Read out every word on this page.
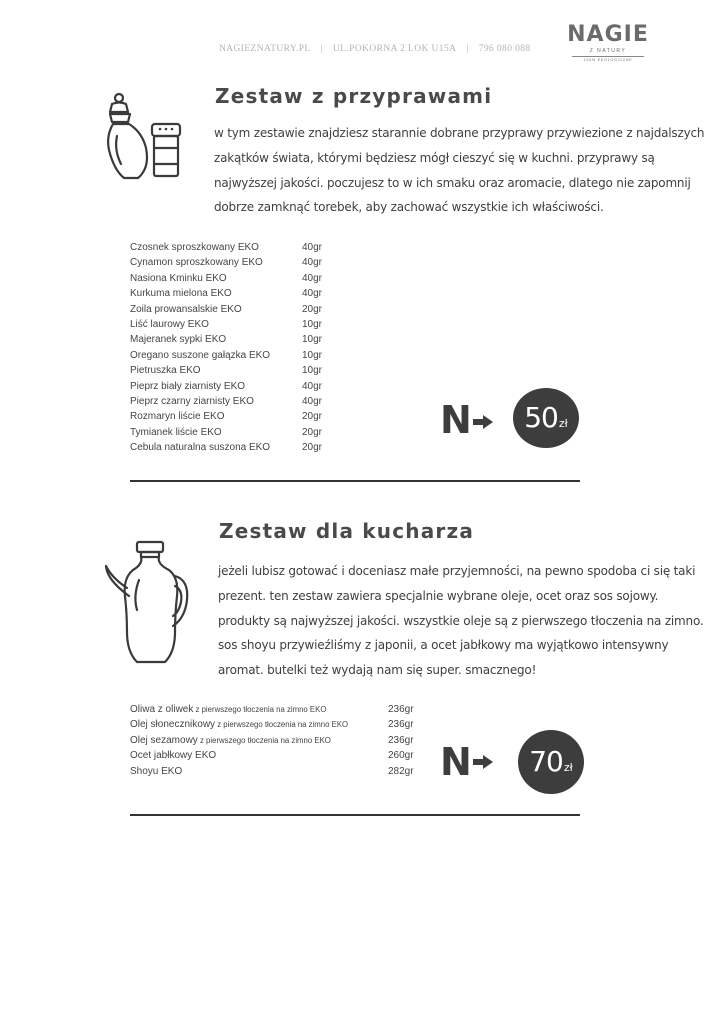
NAGIEZNATURY.PL | UL.POKORNA 2 LOK U15A | 796 080 088
NAGIE
Z NATURY
100% EKOLOGICZNE
Zestaw z przyprawami

w tym zestawie znajdziesz starannie dobrane przyprawy przywiezione z najdalszych

zakątków świata, którymi będziesz mógł cieszyć się w kuchni. przyprawy są

najwyższej jakości. poczujesz to w ich smaku oraz aromacie, dlatego nie zapomnij

dobrze zamknąć torebek, aby zachować wszystkie ich właściwości.

Czosnek sproszkowany EKO	40gr
Cynamon sproszkowany EKO	40gr
Nasiona Kminku EKO	40gr
Kurkuma mielona EKO	40gr
Zoila prowansalskie EKO	20gr
Liść laurowy EKO	10gr
Majeranek sypki EKO	10gr
Oregano suszone gałązka EKO	10gr
Pietruszka EKO	10gr
Pieprz biały ziarnisty EKO	40gr
Pieprz czarny ziarnisty EKO	40gr
Rozmaryn liście EKO	20gr
Tymianek liście EKO	20gr
Cebula naturalna suszona EKO	20gr
N	50zł
Zestaw dla kucharza

jeżeli lubisz gotować i doceniasz małe przyjemności, na pewno spodoba ci się taki

prezent. ten zestaw zawiera specjalnie wybrane oleje, ocet oraz sos sojowy.

produkty są najwyższej jakości. wszystkie oleje są z pierwszego tłoczenia na zimno.

sos shoyu przywieźliśmy z japonii, a ocet jabłkowy ma wyjątkowo intensywny

aromat. butelki też wydają nam się super. smacznego!

Oliwa z oliwek z pierwszego tłoczenia na zimno EKO	236gr
Olej słonecznikowy z pierwszego tłoczenia na zimno EKO	236gr
Olej sezamowy z pierwszego tłoczenia na zimno EKO	236gr
Ocet jabłkowy EKO	260gr
Shoyu EKO	282gr N	70zł
